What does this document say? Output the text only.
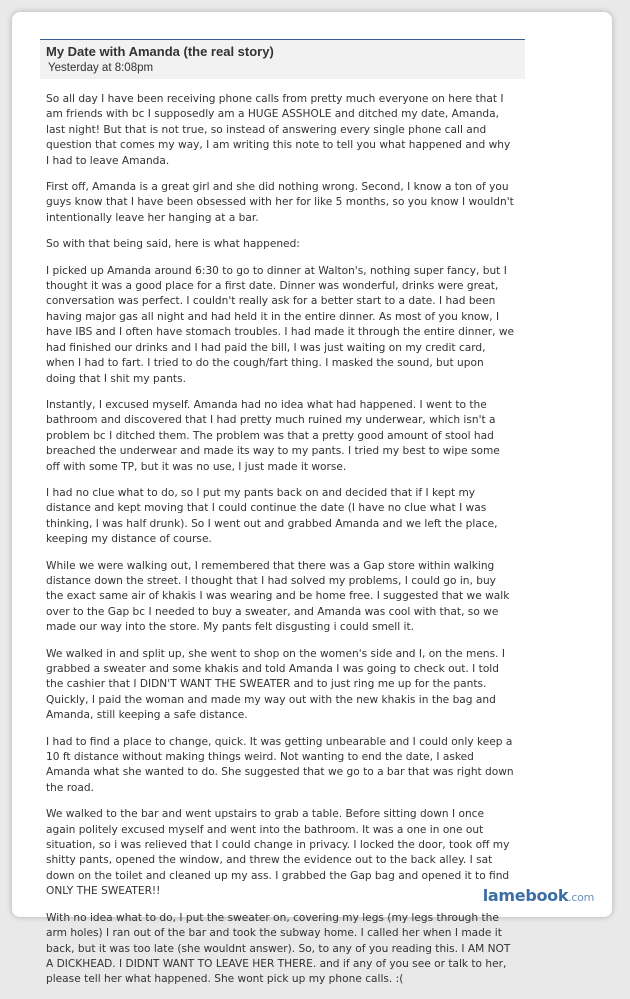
My Date with Amanda (the real story)
Yesterday at 8:08pm

So all day I have been receiving phone calls from pretty much everyone on here that I am friends with bc I supposedly am a HUGE ASSHOLE and ditched my date, Amanda, last night! But that is not true, so instead of answering every single phone call and question that comes my way, I am writing this note to tell you what happened and why I had to leave Amanda.

First off, Amanda is a great girl and she did nothing wrong. Second, I know a ton of you guys know that I have been obsessed with her for like 5 months, so you know I wouldn't intentionally leave her hanging at a bar.

So with that being said, here is what happened:

I picked up Amanda around 6:30 to go to dinner at Walton's, nothing super fancy, but I thought it was a good place for a first date. Dinner was wonderful, drinks were great, conversation was perfect. I couldn't really ask for a better start to a date. I had been having major gas all night and had held it in the entire dinner. As most of you know, I have IBS and I often have stomach troubles. I had made it through the entire dinner, we had finished our drinks and I had paid the bill, I was just waiting on my credit card, when I had to fart. I tried to do the cough/fart thing. I masked the sound, but upon doing that I shit my pants.

Instantly, I excused myself. Amanda had no idea what had happened. I went to the bathroom and discovered that I had pretty much ruined my underwear, which isn't a problem bc I ditched them. The problem was that a pretty good amount of stool had breached the underwear and made its way to my pants. I tried my best to wipe some off with some TP, but it was no use, I just made it worse.

I had no clue what to do, so I put my pants back on and decided that if I kept my distance and kept moving that I could continue the date (I have no clue what I was thinking, I was half drunk). So I went out and grabbed Amanda and we left the place, keeping my distance of course.

While we were walking out, I remembered that there was a Gap store within walking distance down the street. I thought that I had solved my problems, I could go in, buy the exact same air of khakis I was wearing and be home free. I suggested that we walk over to the Gap bc I needed to buy a sweater, and Amanda was cool with that, so we made our way into the store. My pants felt disgusting i could smell it.

We walked in and split up, she went to shop on the women's side and I, on the mens. I grabbed a sweater and some khakis and told Amanda I was going to check out. I told the cashier that I DIDN'T WANT THE SWEATER and to just ring me up for the pants. Quickly, I paid the woman and made my way out with the new khakis in the bag and Amanda, still keeping a safe distance.

I had to find a place to change, quick. It was getting unbearable and I could only keep a 10 ft distance without making things weird. Not wanting to end the date, I asked Amanda what she wanted to do. She suggested that we go to a bar that was right down the road.

We walked to the bar and went upstairs to grab a table. Before sitting down I once again politely excused myself and went into the bathroom. It was a one in one out situation, so i was relieved that I could change in privacy. I locked the door, took off my shitty pants, opened the window, and threw the evidence out to the back alley. I sat down on the toilet and cleaned up my ass. I grabbed the Gap bag and opened it to find ONLY THE SWEATER!!

With no idea what to do, I put the sweater on, covering my legs (my legs through the arm holes) I ran out of the bar and took the subway home. I called her when I made it back, but it was too late (she wouldnt answer). So, to any of you reading this. I AM NOT A DICKHEAD. I DIDNT WANT TO LEAVE HER THERE. and if any of you see or talk to her, please tell her what happened. She wont pick up my phone calls. :(

lamebook.com
